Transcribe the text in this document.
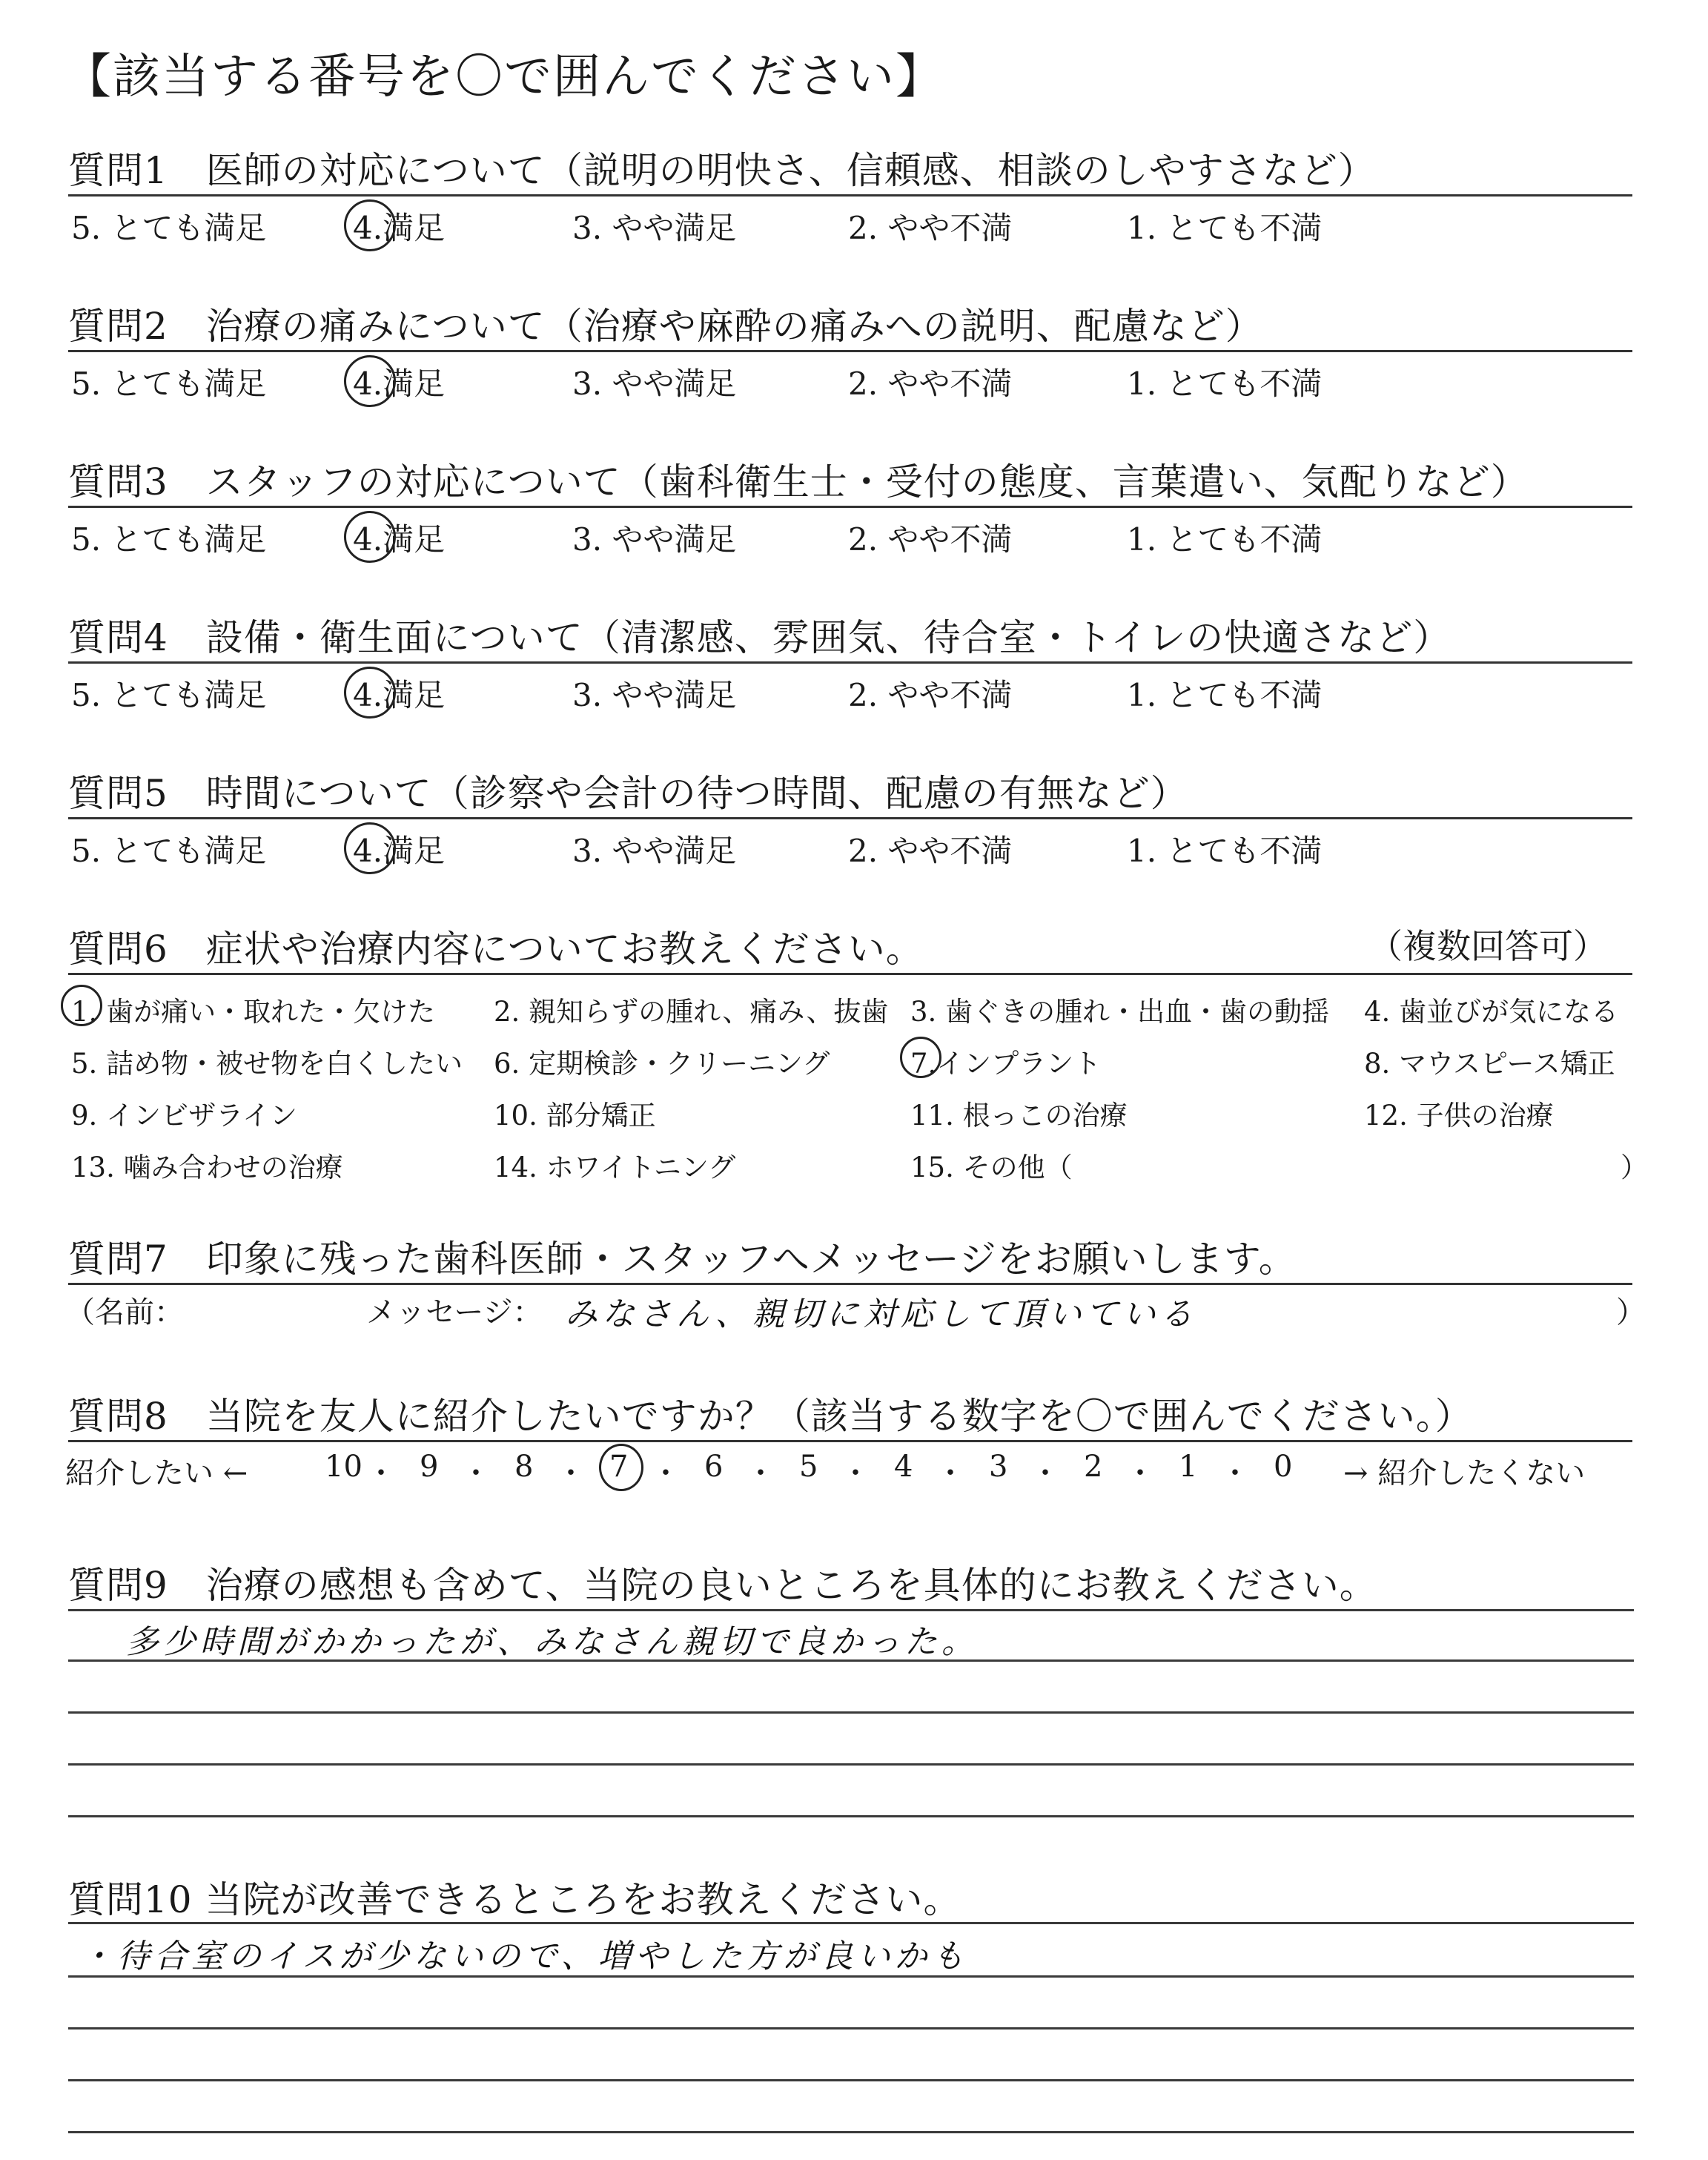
【該当する番号を〇で囲んでください】
質問1　医師の対応について（説明の明快さ、信頼感、相談のしやすさなど）
5. とても満足	4.満足	3. やや満足	2. やや不満	1. とても不満
質問2　治療の痛みについて（治療や麻酔の痛みへの説明、配慮など）
5. とても満足	4.満足	3. やや満足	2. やや不満	1. とても不満
質問3　スタッフの対応について（歯科衛生士・受付の態度、言葉遣い、気配りなど）
5. とても満足	4.満足	3. やや満足	2. やや不満	1. とても不満
質問4　設備・衛生面について（清潔感、雰囲気、待合室・トイレの快適さなど）
5. とても満足	4.満足	3. やや満足	2. やや不満	1. とても不満
質問5　時間について（診察や会計の待つ時間、配慮の有無など）
5. とても満足	4.満足	3. やや満足	2. やや不満	1. とても不満
質問6　症状や治療内容についてお教えください。	（複数回答可）
1. 歯が痛い・取れた・欠けた 2. 親知らずの腫れ、痛み、抜歯 3. 歯ぐきの腫れ・出血・歯の動揺 4. 歯並びが気になる
5. 詰め物・被せ物を白くしたい 6. 定期検診・クリーニング	7.インプラント	8. マウスピース矯正
9. インビザライン	10. 部分矯正	11. 根っこの治療	12. 子供の治療
13. 噛み合わせの治療	14. ホワイトニング	15. その他（	）
質問7　印象に残った歯科医師・スタッフへメッセージをお願いします。
（名前：	メッセージ： みなさん、親切に対応して頂いている	）
質問8　当院を友人に紹介したいですか？（該当する数字を〇で囲んでください。）
紹介したい ←	→ 紹介したくない
10 ・ 9 ・ 8 ・ 7 ・ 6 ・ 5 ・ 4 ・ 3 ・ 2 ・ 1 ・ 0
質問9　治療の感想も含めて、当院の良いところを具体的にお教えください。
多少時間がかかったが、みなさん親切で良かった。
質問10 当院が改善できるところをお教えください。
・待合室のイスが少ないので、増やした方が良いかも
